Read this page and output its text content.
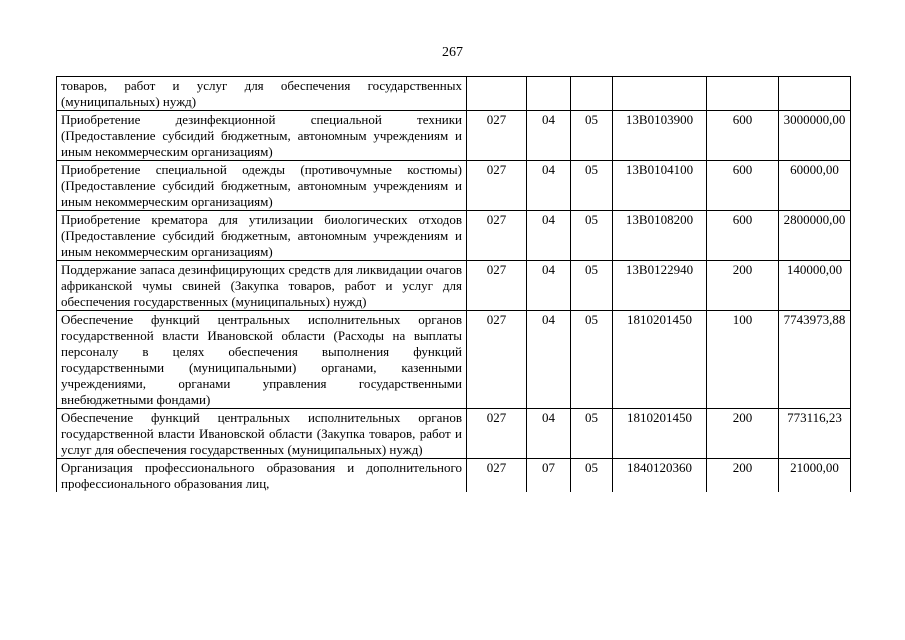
267
товаров, работ и услуг для обеспечения государственных (муниципальных) нужд)						
Приобретение дезинфекционной специальной техники (Предоставление субсидий бюджетным, автономным учреждениям и иным некоммерческим организациям)	027	04	05	13В0103900	600	3000000,00
Приобретение специальной одежды (противочумные костюмы) (Предоставление субсидий бюджетным, автономным учреждениям и иным некоммерческим организациям)	027	04	05	13В0104100	600	60000,00
Приобретение крематора для утилизации биологических отходов (Предоставление субсидий бюджетным, автономным учреждениям и иным некоммерческим организациям)	027	04	05	13В0108200	600	2800000,00
Поддержание запаса дезинфицирующих средств для ликвидации очагов африканской чумы свиней (Закупка товаров, работ и услуг для обеспечения государственных (муниципальных) нужд)	027	04	05	13В0122940	200	140000,00
Обеспечение функций центральных исполнительных органов государственной власти Ивановской области (Расходы на выплаты персоналу в целях обеспечения выполнения функций государственными (муниципальными) органами, казенными учреждениями, органами управления государственными внебюджетными фондами)	027	04	05	1810201450	100	7743973,88
Обеспечение функций центральных исполнительных органов государственной власти Ивановской области (Закупка товаров, работ и услуг для обеспечения государственных (муниципальных) нужд)	027	04	05	1810201450	200	773116,23
Организация профессионального образования и дополнительного профессионального образования лиц,	027	07	05	1840120360	200	21000,00
